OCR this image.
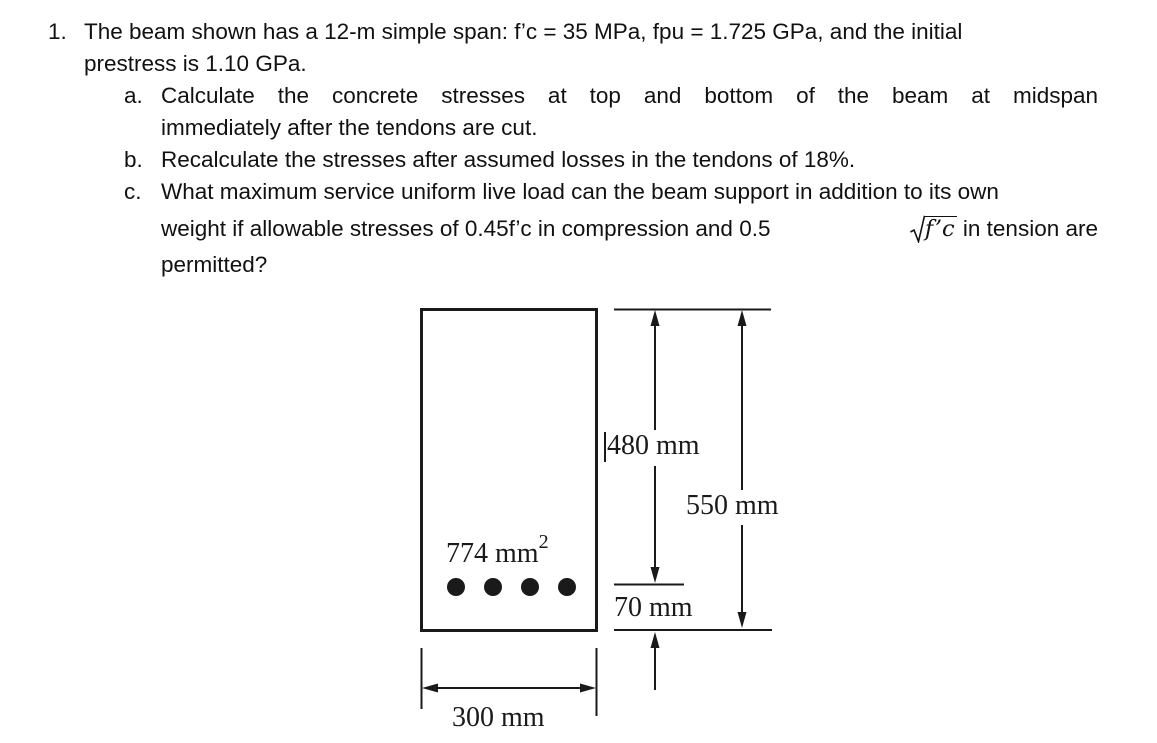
1. The beam shown has a 12-m simple span: f’c = 35 MPa, fpu = 1.725 GPa, and the initial
prestress is 1.10 GPa.
a. Calculate the concrete stresses at top and bottom of the beam at midspan
immediately after the tendons are cut.
b. Recalculate the stresses after assumed losses in the tendons of 18%.
c. What maximum service uniform live load can the beam support in addition to its own
weight if allowable stresses of 0.45f’c in compression and 0.5	f’c in tension are
permitted?
480 mm
550 mm
70 mm
300 mm
774 $mm^2$
